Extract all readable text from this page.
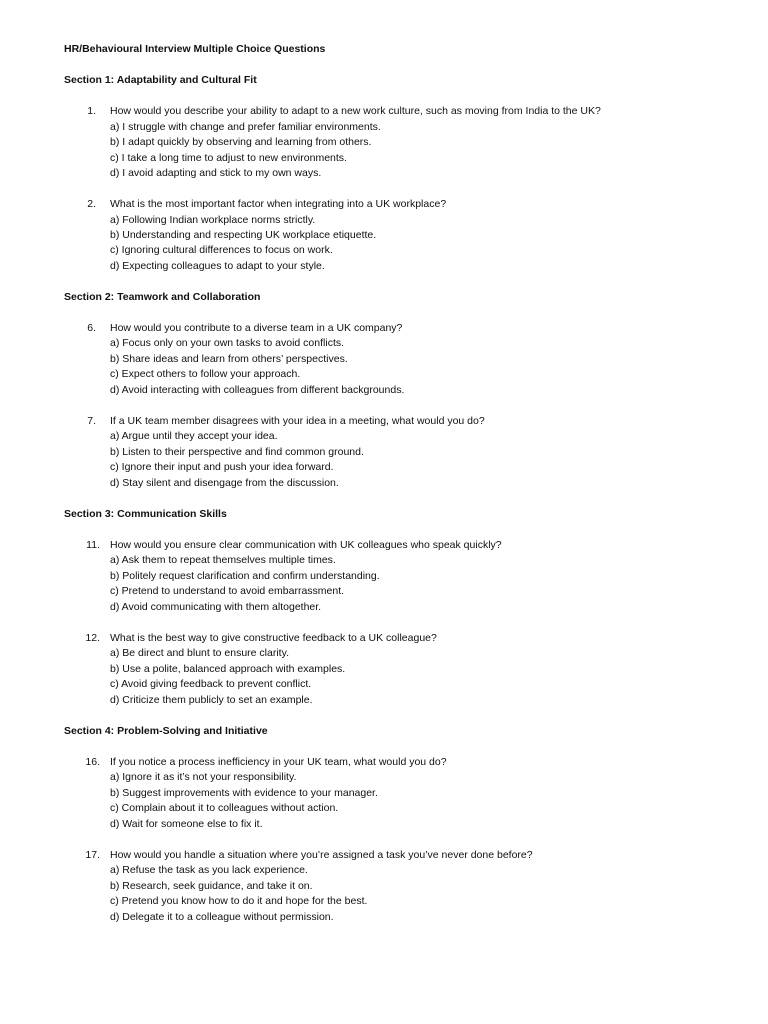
HR/Behavioural Interview Multiple Choice Questions
Section 1: Adaptability and Cultural Fit
1. How would you describe your ability to adapt to a new work culture, such as moving from India to the UK?
a) I struggle with change and prefer familiar environments.
b) I adapt quickly by observing and learning from others.
c) I take a long time to adjust to new environments.
d) I avoid adapting and stick to my own ways.
2. What is the most important factor when integrating into a UK workplace?
a) Following Indian workplace norms strictly.
b) Understanding and respecting UK workplace etiquette.
c) Ignoring cultural differences to focus on work.
d) Expecting colleagues to adapt to your style.
Section 2: Teamwork and Collaboration
6. How would you contribute to a diverse team in a UK company?
a) Focus only on your own tasks to avoid conflicts.
b) Share ideas and learn from others’ perspectives.
c) Expect others to follow your approach.
d) Avoid interacting with colleagues from different backgrounds.
7. If a UK team member disagrees with your idea in a meeting, what would you do?
a) Argue until they accept your idea.
b) Listen to their perspective and find common ground.
c) Ignore their input and push your idea forward.
d) Stay silent and disengage from the discussion.
Section 3: Communication Skills
11. How would you ensure clear communication with UK colleagues who speak quickly?
a) Ask them to repeat themselves multiple times.
b) Politely request clarification and confirm understanding.
c) Pretend to understand to avoid embarrassment.
d) Avoid communicating with them altogether.
12. What is the best way to give constructive feedback to a UK colleague?
a) Be direct and blunt to ensure clarity.
b) Use a polite, balanced approach with examples.
c) Avoid giving feedback to prevent conflict.
d) Criticize them publicly to set an example.
Section 4: Problem-Solving and Initiative
16. If you notice a process inefficiency in your UK team, what would you do?
a) Ignore it as it’s not your responsibility.
b) Suggest improvements with evidence to your manager.
c) Complain about it to colleagues without action.
d) Wait for someone else to fix it.
17. How would you handle a situation where you’re assigned a task you’ve never done before?
a) Refuse the task as you lack experience.
b) Research, seek guidance, and take it on.
c) Pretend you know how to do it and hope for the best.
d) Delegate it to a colleague without permission.
